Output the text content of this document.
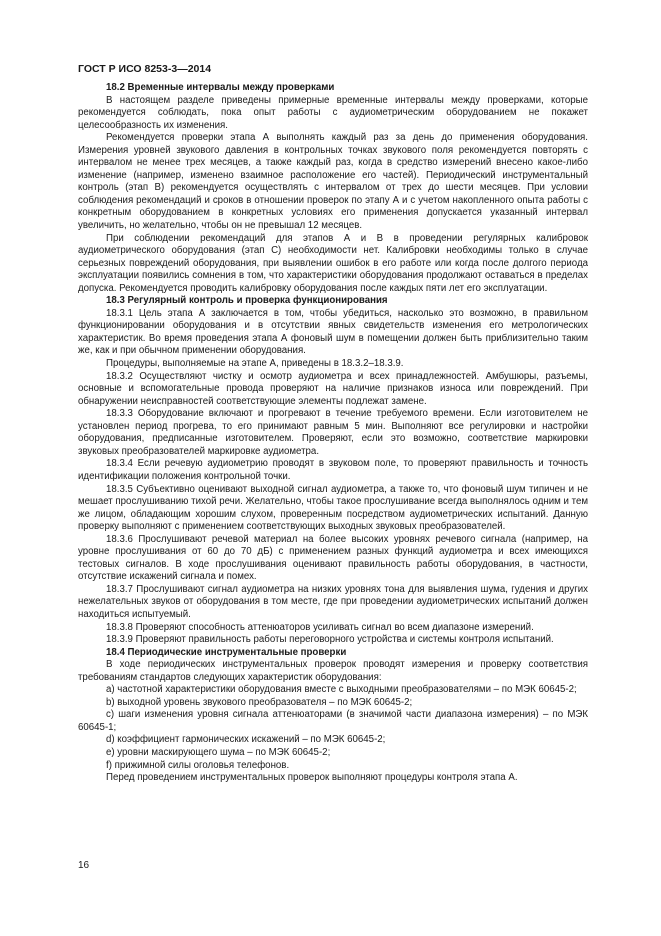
ГОСТ Р ИСО 8253-3—2014

18.2 Временные интервалы между проверками

В настоящем разделе приведены примерные временные интервалы между проверками, которые рекомендуется соблюдать, пока опыт работы с аудиометрическим оборудованием не покажет целесообразность их изменения.

Рекомендуется проверки этапа А выполнять каждый раз за день до применения оборудования. Измерения уровней звукового давления в контрольных точках звукового поля рекомендуется повторять с интервалом не менее трех месяцев, а также каждый раз, когда в средство измерений внесено какое-либо изменение (например, изменено взаимное расположение его частей). Периодический инструментальный контроль (этап В) рекомендуется осуществлять с интервалом от трех до шести месяцев. При условии соблюдения рекомендаций и сроков в отношении проверок по этапу А и с учетом накопленного опыта работы с конкретным оборудованием в конкретных условиях его применения допускается указанный интервал увеличить, но желательно, чтобы он не превышал 12 месяцев.

При соблюдении рекомендаций для этапов А и В в проведении регулярных калибровок аудиометрического оборудования (этап С) необходимости нет. Калибровки необходимы только в случае серьезных повреждений оборудования, при выявлении ошибок в его работе или когда после долгого периода эксплуатации появились сомнения в том, что характеристики оборудования продолжают оставаться в пределах допуска. Рекомендуется проводить калибровку оборудования после каждых пяти лет его эксплуатации.

18.3 Регулярный контроль и проверка функционирования

18.3.1 Цель этапа А заключается в том, чтобы убедиться, насколько это возможно, в правильном функционировании оборудования и в отсутствии явных свидетельств изменения его метрологических характеристик. Во время проведения этапа А фоновый шум в помещении должен быть приблизительно таким же, как и при обычном применении оборудования.

Процедуры, выполняемые на этапе А, приведены в 18.3.2–18.3.9.

18.3.2 Осуществляют чистку и осмотр аудиометра и всех принадлежностей. Амбушюры, разъемы, основные и вспомогательные провода проверяют на наличие признаков износа или повреждений. При обнаружении неисправностей соответствующие элементы подлежат замене.

18.3.3 Оборудование включают и прогревают в течение требуемого времени. Если изготовителем не установлен период прогрева, то его принимают равным 5 мин. Выполняют все регулировки и настройки оборудования, предписанные изготовителем. Проверяют, если это возможно, соответствие маркировки звуковых преобразователей маркировке аудиометра.

18.3.4 Если речевую аудиометрию проводят в звуковом поле, то проверяют правильность и точность идентификации положения контрольной точки.

18.3.5 Субъективно оценивают выходной сигнал аудиометра, а также то, что фоновый шум типичен и не мешает прослушиванию тихой речи. Желательно, чтобы такое прослушивание всегда выполнялось одним и тем же лицом, обладающим хорошим слухом, проверенным посредством аудиометрических испытаний. Данную проверку выполняют с применением соответствующих выходных звуковых преобразователей.

18.3.6 Прослушивают речевой материал на более высоких уровнях речевого сигнала (например, на уровне прослушивания от 60 до 70 дБ) с применением разных функций аудиометра и всех имеющихся тестовых сигналов. В ходе прослушивания оценивают правильность работы оборудования, в частности, отсутствие искажений сигнала и помех.

18.3.7 Прослушивают сигнал аудиометра на низких уровнях тона для выявления шума, гудения и других нежелательных звуков от оборудования в том месте, где при проведении аудиометрических испытаний должен находиться испытуемый.

18.3.8 Проверяют способность аттенюаторов усиливать сигнал во всем диапазоне измерений.

18.3.9 Проверяют правильность работы переговорного устройства и системы контроля испытаний.

18.4 Периодические инструментальные проверки

В ходе периодических инструментальных проверок проводят измерения и проверку соответствия требованиям стандартов следующих характеристик оборудования:

а) частотной характеристики оборудования вместе с выходными преобразователями – по МЭК 60645-2;

b) выходной уровень звукового преобразователя – по МЭК 60645-2;

c) шаги изменения уровня сигнала аттенюаторами (в значимой части диапазона измерения) – по МЭК 60645-1;

d) коэффициент гармонических искажений – по МЭК 60645-2;

e) уровни маскирующего шума – по МЭК 60645-2;

f) прижимной силы оголовья телефонов.

Перед проведением инструментальных проверок выполняют процедуры контроля этапа А.

16
